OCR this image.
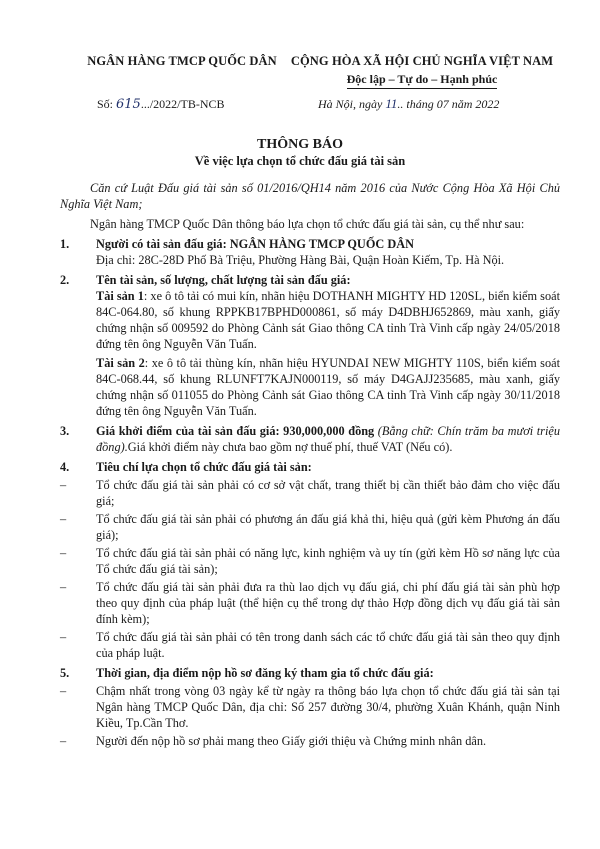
NGÂN HÀNG TMCP QUỐC DÂN	CỘNG HÒA XÃ HỘI CHỦ NGHĨA VIỆT NAM
Độc lập – Tự do – Hạnh phúc
Số: 615.../2022/TB-NCB	Hà Nội, ngày 11.. tháng 07 năm 2022
THÔNG BÁO
Về việc lựa chọn tổ chức đấu giá tài sản

Căn cứ Luật Đấu giá tài sản số 01/2016/QH14 năm 2016 của Nước Cộng Hòa Xã Hội Chủ Nghĩa Việt Nam;

Ngân hàng TMCP Quốc Dân thông báo lựa chọn tổ chức đấu giá tài sản, cụ thể như sau:

1.	Người có tài sản đấu giá: NGÂN HÀNG TMCP QUỐC DÂN
Địa chỉ: 28C-28D Phố Bà Triệu, Phường Hàng Bài, Quận Hoàn Kiếm, Tp. Hà Nội.
2.	Tên tài sản, số lượng, chất lượng tài sản đấu giá:
Tài sản 1: xe ô tô tải có mui kín, nhãn hiệu DOTHANH MIGHTY HD 120SL, biển kiểm soát 84C-064.80, số khung RPPKB17BPHD000861, số máy D4DBHJ652869, màu xanh, giấy chứng nhận số 009592 do Phòng Cảnh sát Giao thông CA tỉnh Trà Vinh cấp ngày 24/05/2018 đứng tên ông Nguyễn Văn Tuấn.
Tài sản 2: xe ô tô tải thùng kín, nhãn hiệu HYUNDAI NEW MIGHTY 110S, biển kiểm soát 84C-068.44, số khung RLUNFT7KAJN000119, số máy D4GAJJ235685, màu xanh, giấy chứng nhận số 011055 do Phòng Cảnh sát Giao thông CA tỉnh Trà Vinh cấp ngày 30/11/2018 đứng tên ông Nguyễn Văn Tuấn.
3.	Giá khởi điểm của tài sản đấu giá: 930,000,000 đồng (Bằng chữ: Chín trăm ba mươi triệu đồng).Giá khởi điểm này chưa bao gồm nợ thuế phí, thuế VAT (Nếu có).
4.	Tiêu chí lựa chọn tổ chức đấu giá tài sản:
–	Tổ chức đấu giá tài sản phải có cơ sở vật chất, trang thiết bị cần thiết bảo đảm cho việc đấu giá;
–	Tổ chức đấu giá tài sản phải có phương án đấu giá khả thi, hiệu quả (gửi kèm Phương án đấu giá);
–	Tổ chức đấu giá tài sản phải có năng lực, kinh nghiệm và uy tín (gửi kèm Hồ sơ năng lực của Tổ chức đấu giá tài sản);
–	Tổ chức đấu giá tài sản phải đưa ra thù lao dịch vụ đấu giá, chi phí đấu giá tài sản phù hợp theo quy định của pháp luật (thể hiện cụ thể trong dự thảo Hợp đồng dịch vụ đấu giá tài sản đính kèm);
–	Tổ chức đấu giá tài sản phải có tên trong danh sách các tổ chức đấu giá tài sản theo quy định của pháp luật.
5.	Thời gian, địa điểm nộp hồ sơ đăng ký tham gia tổ chức đấu giá:
–	Chậm nhất trong vòng 03 ngày kể từ ngày ra thông báo lựa chọn tổ chức đấu giá tài sản tại Ngân hàng TMCP Quốc Dân, địa chỉ: Số 257 đường 30/4, phường Xuân Khánh, quận Ninh Kiều, Tp.Cần Thơ.
–	Người đến nộp hồ sơ phải mang theo Giấy giới thiệu và Chứng minh nhân dân.
